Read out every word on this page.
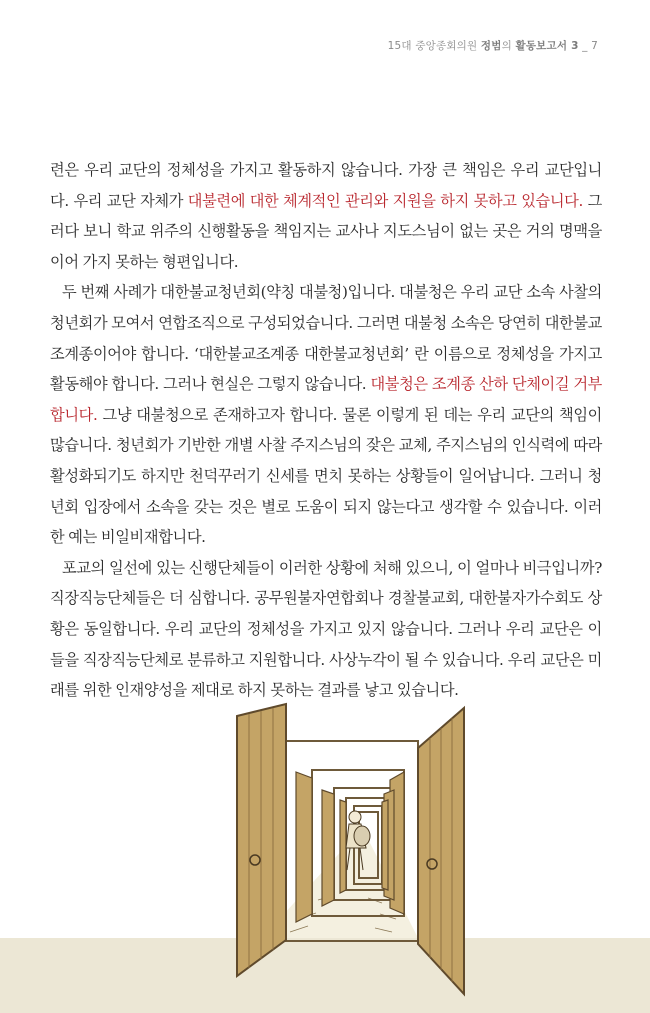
15대 중앙종회의원 정범의 활동보고서 3 _ 7

련은 우리 교단의 정체성을 가지고 활동하지 않습니다. 가장 큰 책임은 우리 교단입니다. 우리 교단 자체가 대불련에 대한 체계적인 관리와 지원을 하지 못하고 있습니다. 그러다 보니 학교 위주의 신행활동을 책임지는 교사나 지도스님이 없는 곳은 거의 명맥을 이어 가지 못하는 형편입니다.

두 번째 사례가 대한불교청년회(약칭 대불청)입니다. 대불청은 우리 교단 소속 사찰의 청년회가 모여서 연합조직으로 구성되었습니다. 그러면 대불청 소속은 당연히 대한불교조계종이어야 합니다. ‘대한불교조계종 대한불교청년회’ 란 이름으로 정체성을 가지고 활동해야 합니다. 그러나 현실은 그렇지 않습니다. 대불청은 조계종 산하 단체이길 거부합니다. 그냥 대불청으로 존재하고자 합니다. 물론 이렇게 된 데는 우리 교단의 책임이 많습니다. 청년회가 기반한 개별 사찰 주지스님의 잦은 교체, 주지스님의 인식력에 따라 활성화되기도 하지만 천덕꾸러기 신세를 면치 못하는 상황들이 일어납니다. 그러니 청년회 입장에서 소속을 갖는 것은 별로 도움이 되지 않는다고 생각할 수 있습니다. 이러한 예는 비일비재합니다.

포교의 일선에 있는 신행단체들이 이러한 상황에 처해 있으니, 이 얼마나 비극입니까? 직장직능단체들은 더 심합니다. 공무원불자연합회나 경찰불교회, 대한불자가수회도 상황은 동일합니다. 우리 교단의 정체성을 가지고 있지 않습니다. 그러나 우리 교단은 이들을 직장직능단체로 분류하고 지원합니다. 사상누각이 될 수 있습니다. 우리 교단은 미래를 위한 인재양성을 제대로 하지 못하는 결과를 낳고 있습니다.
